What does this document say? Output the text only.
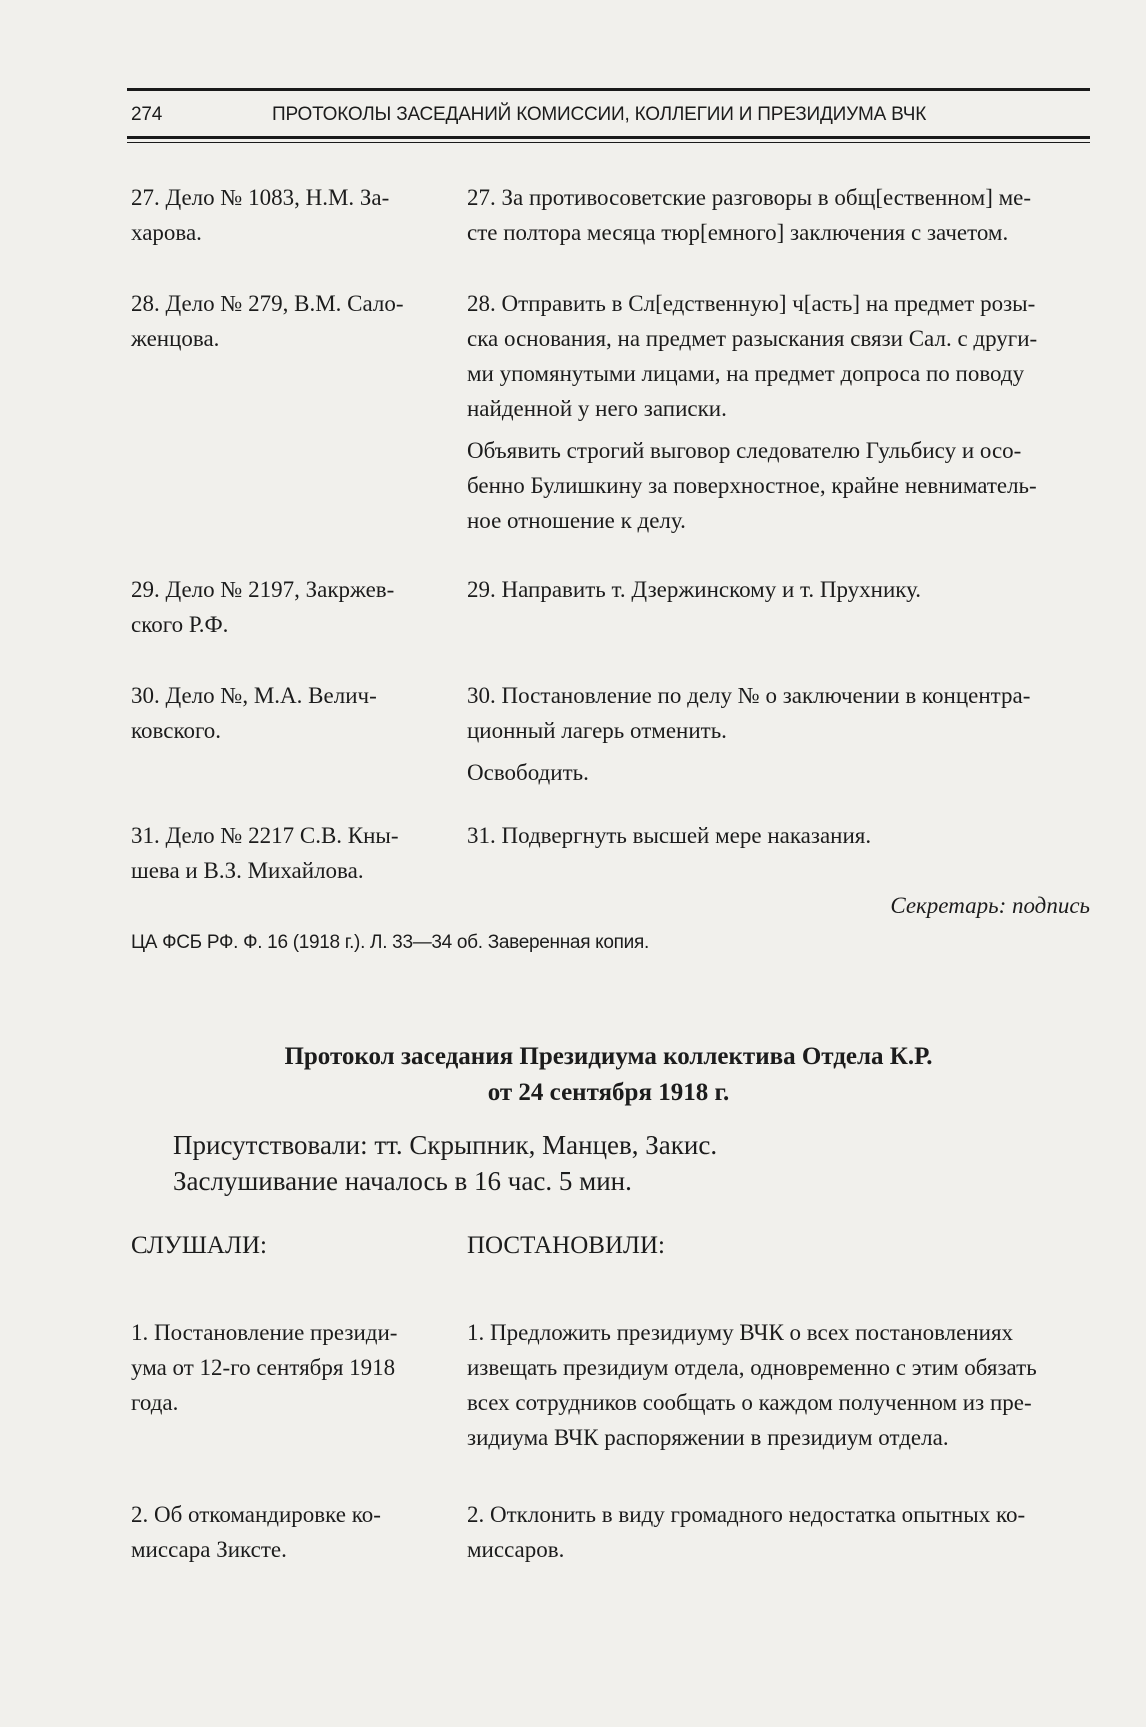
274	ПРОТОКОЛЫ ЗАСЕДАНИЙ КОМИССИИ, КОЛЛЕГИИ И ПРЕЗИДИУМА ВЧК
27. Дело № 1083, Н.М. За-
харова.

27. За противосоветские разговоры в общ[ественном] ме-
сте полтора месяца тюр[емного] заключения с зачетом.

28. Дело № 279, В.М. Сало-
женцова.

28. Отправить в Сл[едственную] ч[асть] на предмет розы-
ска основания, на предмет разыскания связи Сал. с други-
ми упомянутыми лицами, на предмет допроса по поводу
найденной у него записки.

Объявить строгий выговор следователю Гульбису и осо-
бенно Булишкину за поверхностное, крайне невниматель-
ное отношение к делу.

29. Дело № 2197, Закржев-
ского Р.Ф.

29. Направить т. Дзержинскому и т. Прухнику.

30. Дело №, М.А. Велич-
ковского.

30. Постановление по делу № о заключении в концентра-
ционный лагерь отменить.

Освободить.

31. Дело № 2217 С.В. Кны-
шева и В.З. Михайлова.

31. Подвергнуть высшей мере наказания.

Секретарь: подпись
ЦА ФСБ РФ. Ф. 16 (1918 г.). Л. 33—34 об. Заверенная копия.
Протокол заседания Президиума коллектива Отдела К.Р.
от 24 сентября 1918 г.
Присутствовали: тт. Скрыпник, Манцев, Закис.
Заслушивание началось в 16 час. 5 мин.
СЛУШАЛИ:	ПОСТАНОВИЛИ:
1. Постановление президи-
ума от 12-го сентября 1918
года.

1. Предложить президиуму ВЧК о всех постановлениях
извещать президиум отдела, одновременно с этим обязать
всех сотрудников сообщать о каждом полученном из пре-
зидиума ВЧК распоряжении в президиум отдела.

2. Об откомандировке ко-
миссара Зиксте.

2. Отклонить в виду громадного недостатка опытных ко-
миссаров.
